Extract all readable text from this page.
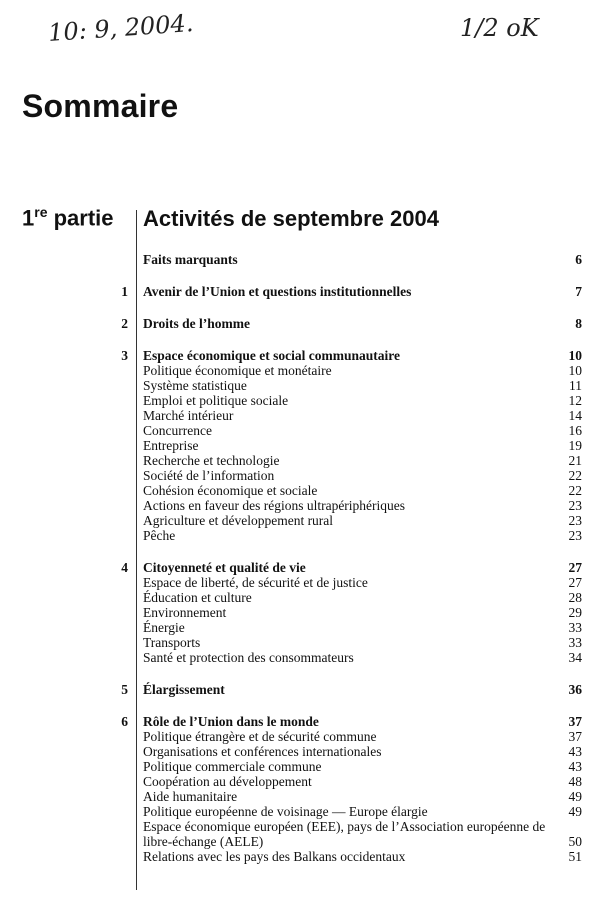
10: 9, 2004.	1/2 oK
Sommaire
1re partie Activités de septembre 2004
Faits marquants	6
1 Avenir de l’Union et questions institutionnelles	7
2 Droits de l’homme	8
3 Espace économique et social communautaire	10
Politique économique et monétaire	10
Système statistique	11
Emploi et politique sociale	12
Marché intérieur	14
Concurrence	16
Entreprise	19
Recherche et technologie	21
Société de l’information	22
Cohésion économique et sociale	22
Actions en faveur des régions ultrapériphériques	23
Agriculture et développement rural	23
Pêche	23
4 Citoyenneté et qualité de vie	27
Espace de liberté, de sécurité et de justice	27
Éducation et culture	28
Environnement	29
Énergie	33
Transports	33
Santé et protection des consommateurs	34
5 Élargissement	36
6 Rôle de l’Union dans le monde	37
Politique étrangère et de sécurité commune	37
Organisations et conférences internationales	43
Politique commerciale commune	43
Coopération au développement	48
Aide humanitaire	49
Politique européenne de voisinage — Europe élargie	49
Espace économique européen (EEE), pays de l’Association européenne de libre-échange (AELE)	50
Relations avec les pays des Balkans occidentaux	51
